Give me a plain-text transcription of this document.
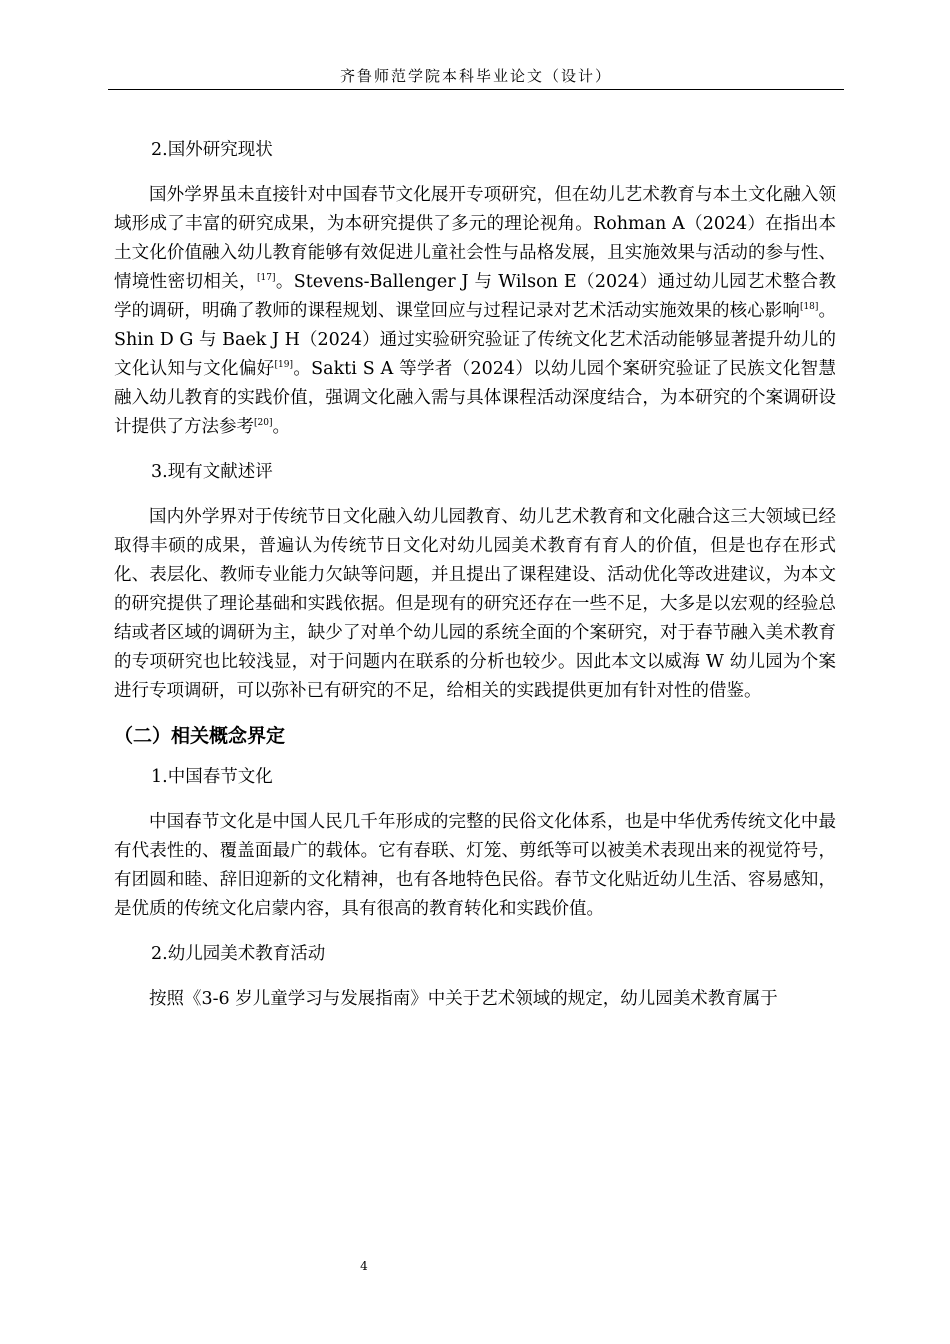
齐鲁师范学院本科毕业论文（设计）
2.国外研究现状

国外学界虽未直接针对中国春节文化展开专项研究，但在幼儿艺术教育与本土文化融入领域形成了丰富的研究成果，为本研究提供了多元的理论视角。Rohman A（2024）在指出本土文化价值融入幼儿教育能够有效促进儿童社会性与品格发展，且实施效果与活动的参与性、情境性密切相关，[17]。Stevens-Ballenger J 与 Wilson E（2024）通过幼儿园艺术整合教学的调研，明确了教师的课程规划、课堂回应与过程记录对艺术活动实施效果的核心影响[18]。Shin D G 与 Baek J H（2024）通过实验研究验证了传统文化艺术活动能够显著提升幼儿的文化认知与文化偏好[19]。Sakti S A 等学者（2024）以幼儿园个案研究验证了民族文化智慧融入幼儿教育的实践价值，强调文化融入需与具体课程活动深度结合，为本研究的个案调研设计提供了方法参考[20]。

3.现有文献述评

国内外学界对于传统节日文化融入幼儿园教育、幼儿艺术教育和文化融合这三大领域已经取得丰硕的成果，普遍认为传统节日文化对幼儿园美术教育有育人的价值，但是也存在形式化、表层化、教师专业能力欠缺等问题，并且提出了课程建设、活动优化等改进建议，为本文的研究提供了理论基础和实践依据。但是现有的研究还存在一些不足，大多是以宏观的经验总结或者区域的调研为主，缺少了对单个幼儿园的系统全面的个案研究，对于春节融入美术教育的专项研究也比较浅显，对于问题内在联系的分析也较少。因此本文以威海 W 幼儿园为个案进行专项调研，可以弥补已有研究的不足，给相关的实践提供更加有针对性的借鉴。

（二）相关概念界定
1.中国春节文化

中国春节文化是中国人民几千年形成的完整的民俗文化体系，也是中华优秀传统文化中最有代表性的、覆盖面最广的载体。它有春联、灯笼、剪纸等可以被美术表现出来的视觉符号，有团圆和睦、辞旧迎新的文化精神，也有各地特色民俗。春节文化贴近幼儿生活、容易感知，是优质的传统文化启蒙内容，具有很高的教育转化和实践价值。

2.幼儿园美术教育活动

按照《3-6 岁儿童学习与发展指南》中关于艺术领域的规定，幼儿园美术教育属于

4
